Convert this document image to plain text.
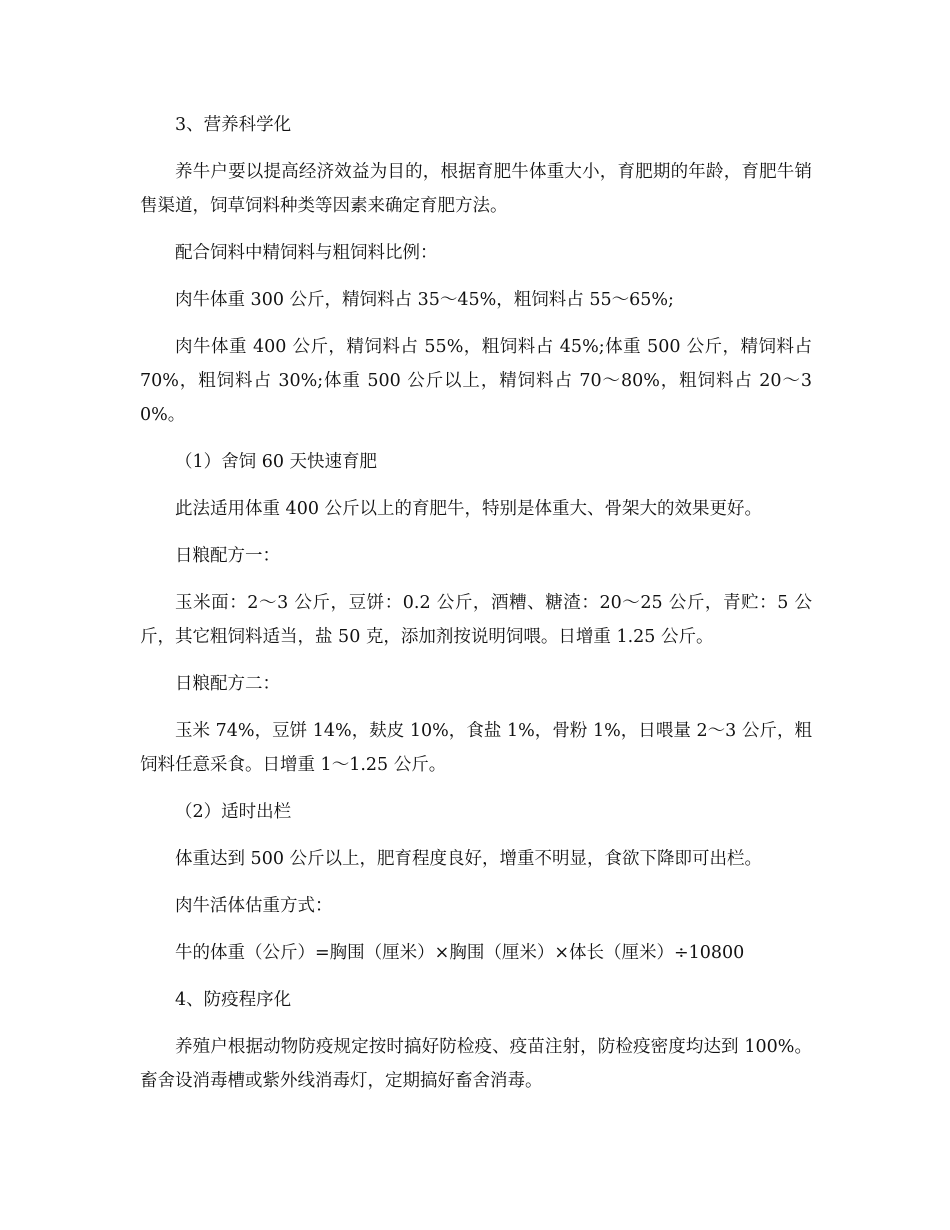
3、营养科学化

养牛户要以提高经济效益为目的，根据育肥牛体重大小，育肥期的年龄，育肥牛销售渠道，饲草饲料种类等因素来确定育肥方法。

配合饲料中精饲料与粗饲料比例：

肉牛体重 300 公斤，精饲料占 35～45%，粗饲料占 55～65%;

肉牛体重 400 公斤，精饲料占 55%，粗饲料占 45%;体重 500 公斤，精饲料占 70%，粗饲料占 30%;体重 500 公斤以上，精饲料占 70～80%，粗饲料占 20～30%。

（1）舍饲 60 天快速育肥

此法适用体重 400 公斤以上的育肥牛，特别是体重大、骨架大的效果更好。

日粮配方一：

玉米面：2～3 公斤，豆饼：0.2 公斤，酒糟、糖渣：20～25 公斤，青贮：5 公斤，其它粗饲料适当，盐 50 克，添加剂按说明饲喂。日增重 1.25 公斤。

日粮配方二：

玉米 74%，豆饼 14%，麸皮 10%，食盐 1%，骨粉 1%，日喂量 2～3 公斤，粗饲料任意采食。日增重 1～1.25 公斤。

（2）适时出栏

体重达到 500 公斤以上，肥育程度良好，增重不明显，食欲下降即可出栏。

肉牛活体估重方式：

牛的体重（公斤）=胸围（厘米）×胸围（厘米）×体长（厘米）÷10800

4、防疫程序化

养殖户根据动物防疫规定按时搞好防检疫、疫苗注射，防检疫密度均达到 100%。畜舍设消毒槽或紫外线消毒灯，定期搞好畜舍消毒。
